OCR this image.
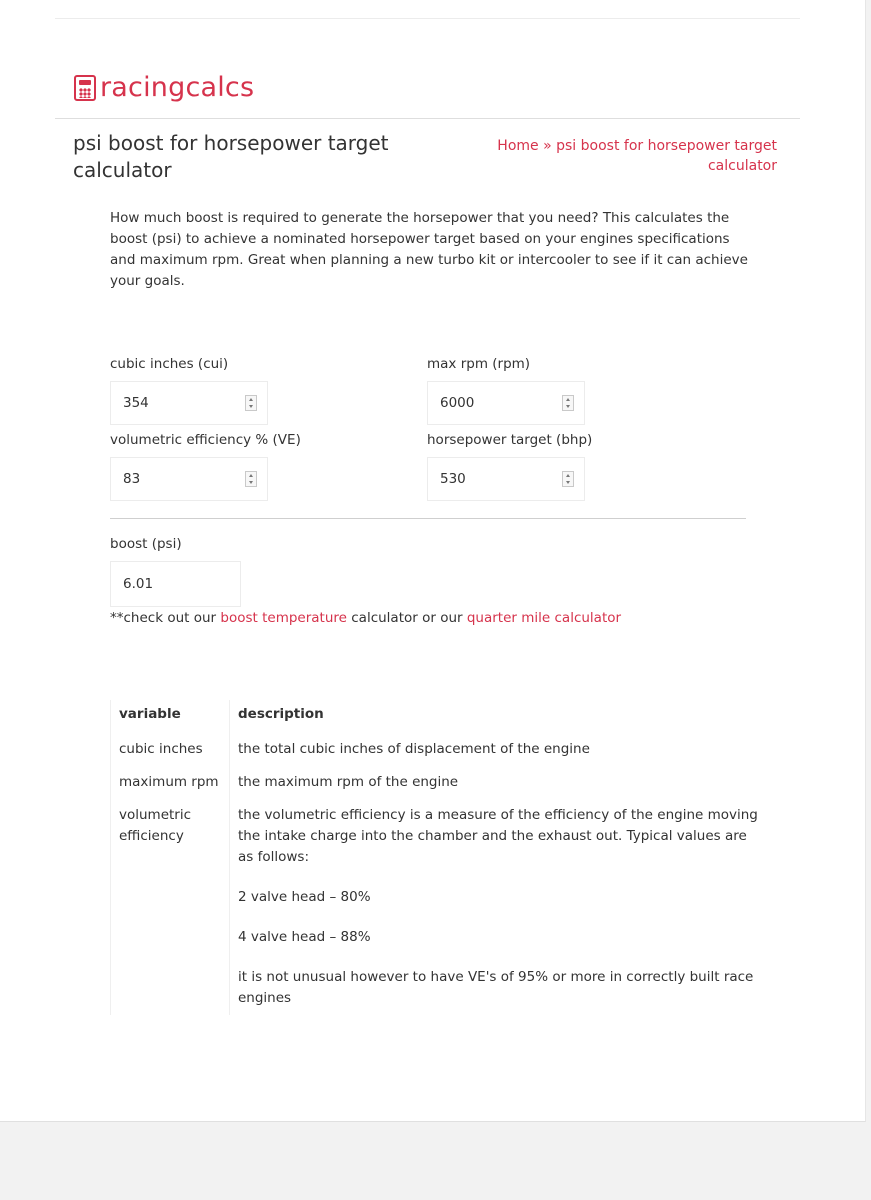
racingcalcs
psi boost for horsepower target calculator
Home » psi boost for horsepower target calculator
How much boost is required to generate the horsepower that you need? This calculates the boost (psi) to achieve a nominated horsepower target based on your engines specifications and maximum rpm. Great when planning a new turbo kit or intercooler to see if it can achieve your goals.
cubic inches (cui)
354
max rpm (rpm)
6000
volumetric efficiency % (VE)
83
horsepower target (bhp)
530
boost (psi)
6.01
**check out our boost temperature calculator or our quarter mile calculator
variable	description
cubic inches	the total cubic inches of displacement of the engine

maximum rpm	the maximum rpm of the engine

volumetric efficiency	the volumetric efficiency is a measure of the efficiency of the engine moving the intake charge into the chamber and the exhaust out. Typical values are as follows:

2 valve head – 80%

4 valve head – 88%

it is not unusual however to have VE's of 95% or more in correctly built race engines
